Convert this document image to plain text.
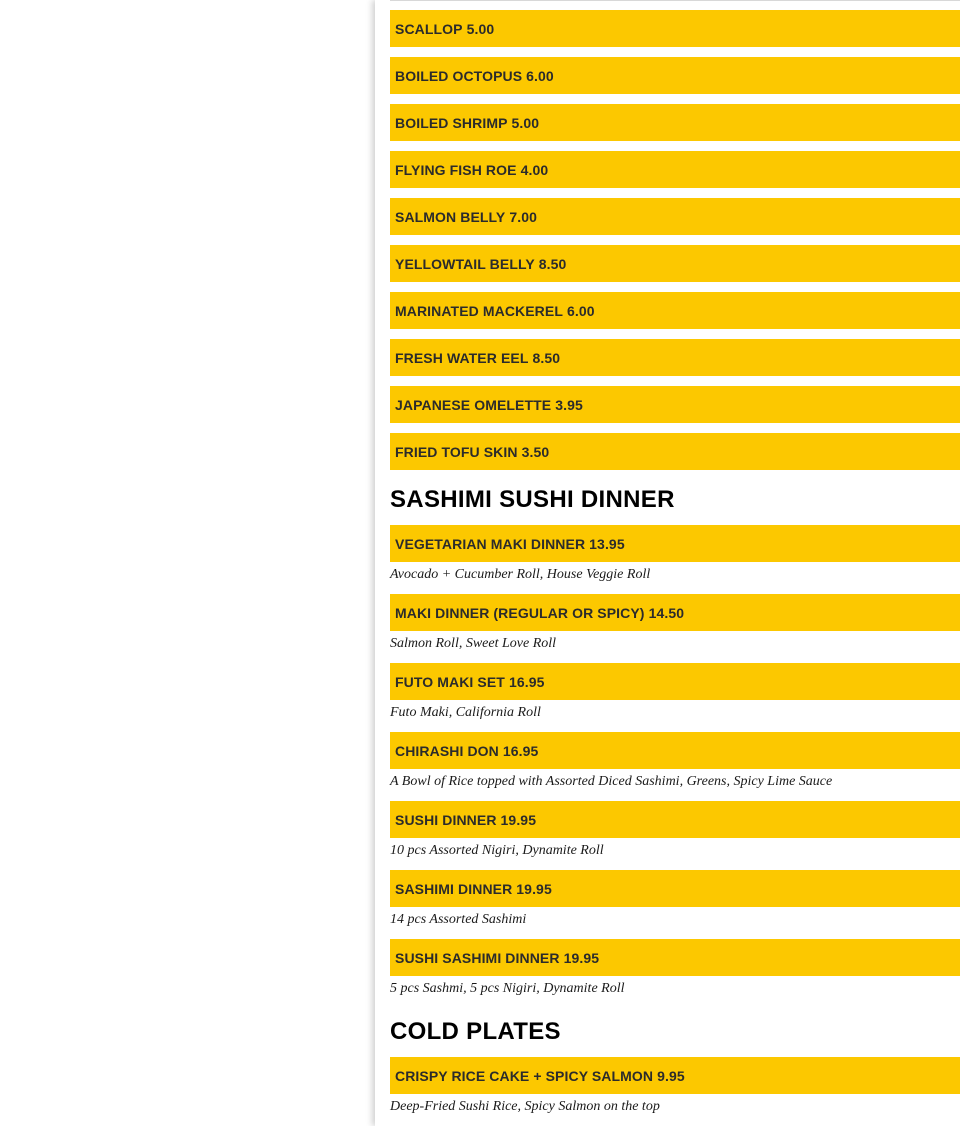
SCALLOP 5.00
BOILED OCTOPUS 6.00
BOILED SHRIMP 5.00
FLYING FISH ROE 4.00
SALMON BELLY 7.00
YELLOWTAIL BELLY 8.50
MARINATED MACKEREL 6.00
FRESH WATER EEL 8.50
JAPANESE OMELETTE 3.95
FRIED TOFU SKIN 3.50
SASHIMI SUSHI DINNER
VEGETARIAN MAKI DINNER 13.95
Avocado + Cucumber Roll, House Veggie Roll
MAKI DINNER (REGULAR OR SPICY) 14.50
Salmon Roll, Sweet Love Roll
FUTO MAKI SET 16.95
Futo Maki, California Roll
CHIRASHI DON 16.95
A Bowl of Rice topped with Assorted Diced Sashimi, Greens, Spicy Lime Sauce
SUSHI DINNER 19.95
10 pcs Assorted Nigiri, Dynamite Roll
SASHIMI DINNER 19.95
14 pcs Assorted Sashimi
SUSHI SASHIMI DINNER 19.95
5 pcs Sashmi, 5 pcs Nigiri, Dynamite Roll
COLD PLATES
CRISPY RICE CAKE + SPICY SALMON 9.95
Deep-Fried Sushi Rice, Spicy Salmon on the top
